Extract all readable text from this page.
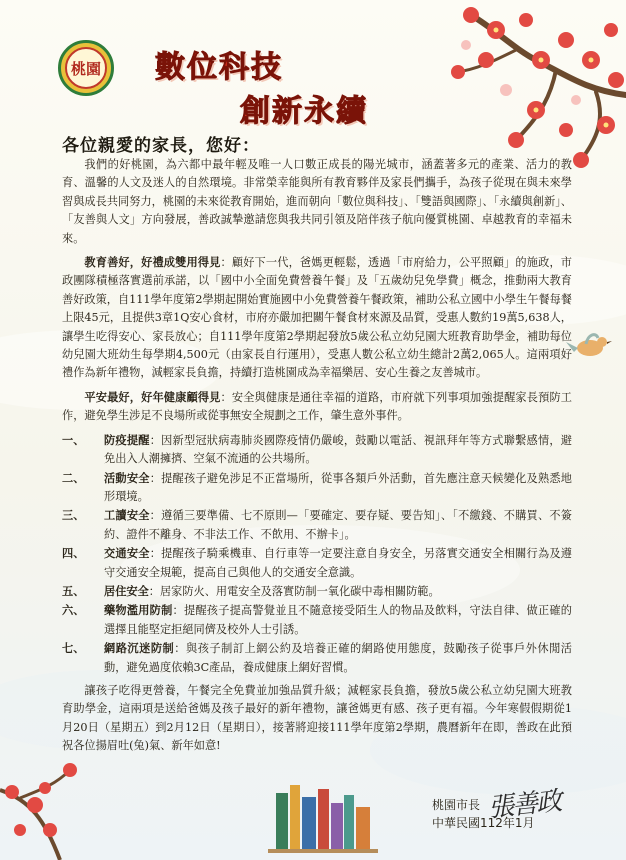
桃園 數位科技
創新永續
各位親愛的家長，您好：

我們的好桃園，為六都中最年輕及唯一人口數正成長的陽光城市，涵蓋著多元的產業、活力的教育、溫馨的人文及迷人的自然環境。非常榮幸能與所有教育夥伴及家長們攜手，為孩子從現在與未來學習與成長共同努力，桃園的未來從教育開始，進而朝向「數位與科技」、「雙語與國際」、「永續與創新」、「友善與人文」方向發展，善政誠摯邀請您與我共同引領及陪伴孩子航向優質桃園、卓越教育的幸福未來。

教育善好，好禮成雙用得見：顧好下一代，爸媽更輕鬆，透過「市府給力，公平照顧」的施政，市政團隊積極落實選前承諾，以「國中小全面免費營養午餐」及「五歲幼兒免學費」概念，推動兩大教育善好政策，自111學年度第2學期起開始實施國中小免費營養午餐政策，補助公私立國中小學生午餐每餐上限45元，且提供3章1Q安心食材，市府亦嚴加把關午餐食材來源及品質，受惠人數約19萬5,638人，讓學生吃得安心、家長放心；自111學年度第2學期起發放5歲公私立幼兒園大班教育助學金，補助每位幼兒園大班幼生每學期4,500元（由家長自行運用），受惠人數公私立幼生總計2萬2,065人。這兩項好禮作為新年禮物，減輕家長負擔，持續打造桃園成為幸福樂居、安心生養之友善城市。

平安最好，好年健康顧得見：安全與健康是通往幸福的道路，市府就下列事項加強提醒家長預防工作，避免學生涉足不良場所或從事無安全規劃之工作，肇生意外事件。

一、 防疫提醒：因新型冠狀病毒肺炎國際疫情仍嚴峻，鼓勵以電話、視訊拜年等方式聯繫感情，避免出入人潮擁擠、空氣不流通的公共場所。
二、 活動安全：提醒孩子避免涉足不正當場所，從事各類戶外活動，首先應注意天候變化及熟悉地形環境。
三、 工讀安全：遵循三要準備、七不原則—「要確定、要存疑、要告知」、「不繳錢、不購買、不簽約、證件不離身、不非法工作、不飲用、不辦卡」。
四、 交通安全：提醒孩子騎乘機車、自行車等一定要注意自身安全，另落實交通安全相關行為及遵守交通安全規範，提高自己與他人的交通安全意識。
五、 居住安全：居家防火、用電安全及落實防制一氧化碳中毒相關防範。
六、 藥物濫用防制：提醒孩子提高警覺並且不隨意接受陌生人的物品及飲料，守法自律、做正確的選擇且能堅定拒絕同儕及校外人士引誘。
七、 網路沉迷防制：與孩子制訂上網公約及培養正確的網路使用態度，鼓勵孩子從事戶外休閒活動，避免過度依賴3C產品，養成健康上網好習慣。

讓孩子吃得更營養，午餐完全免費並加強品質升級；減輕家長負擔，發放5歲公私立幼兒園大班教育助學金，這兩項是送給爸媽及孩子最好的新年禮物，讓爸媽更有感、孩子更有福。今年寒假假期從1月20日（星期五）到2月12日（星期日），接著將迎接111學年度第2學期，農曆新年在即，善政在此預祝各位揚眉吐(兔)氣、新年如意!

桃園市長
中華民國112年1月
張善政
